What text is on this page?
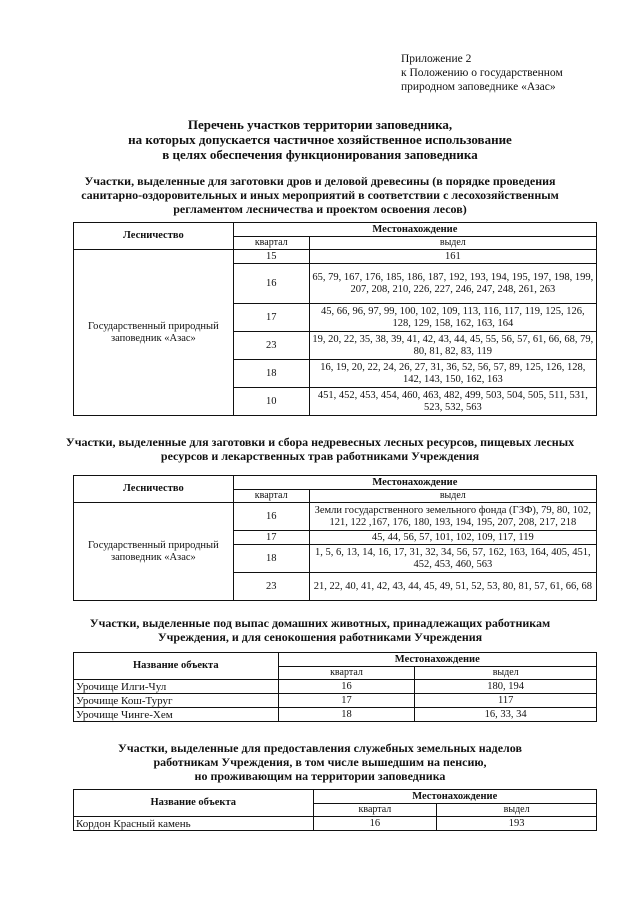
Приложение 2
к Положению о государственном
природном заповеднике «Азас»
Перечень участков территории заповедника,
на которых допускается частичное хозяйственное использование
в целях обеспечения функционирования заповедника
Участки, выделенные для заготовки дров и деловой древесины (в порядке проведения
санитарно-оздоровительных и иных мероприятий в соответствии с лесохозяйственным
регламентом лесничества и проектом освоения лесов)
Лесничество	Местонахождение	
	квартал	выдел
Государственный природный заповедник «Азас»	15	161
	16	65, 79, 167, 176, 185, 186, 187, 192, 193, 194, 195, 197, 198, 199, 207, 208, 210, 226, 227, 246, 247, 248, 261, 263
	17	45, 66, 96, 97, 99, 100, 102, 109, 113, 116, 117, 119, 125, 126, 128, 129, 158, 162, 163, 164
	23	19, 20, 22, 35, 38, 39, 41, 42, 43, 44, 45, 55, 56, 57, 61, 66, 68, 79, 80, 81, 82, 83, 119
	18	16, 19, 20, 22, 24, 26, 27, 31, 36, 52, 56, 57, 89, 125, 126, 128, 142, 143, 150, 162, 163
	10	451, 452, 453, 454, 460, 463, 482, 499, 503, 504, 505, 511, 531, 523, 532, 563
Участки, выделенные для заготовки и сбора недревесных лесных ресурсов, пищевых лесных
ресурсов и лекарственных трав работниками Учреждения
Лесничество	Местонахождение	
	квартал	выдел
Государственный природный заповедник «Азас»	16	Земли государственного земельного фонда (ГЗФ), 79, 80, 102, 121, 122 ,167, 176, 180, 193, 194, 195, 207, 208, 217, 218
	17	45, 44, 56, 57, 101, 102, 109, 117, 119
	18	1, 5, 6, 13, 14, 16, 17, 31, 32, 34, 56, 57, 162, 163, 164, 405, 451, 452, 453, 460, 563
	23	21, 22, 40, 41, 42, 43, 44, 45, 49, 51, 52, 53, 80, 81, 57, 61, 66, 68
Участки, выделенные под выпас домашних животных, принадлежащих работникам
Учреждения, и для сенокошения работниками Учреждения
Название объекта	Местонахождение	
	квартал	выдел
Урочище Илги-Чул	16	180, 194
Урочище Кош-Туруг	17	117
Урочище Чинге-Хем	18	16, 33, 34
Участки, выделенные для предоставления служебных земельных наделов
работникам Учреждения, в том числе вышедшим на пенсию,
но проживающим на территории заповедника
Название объекта	Местонахождение	
	квартал	выдел
Кордон Красный камень	16	193
